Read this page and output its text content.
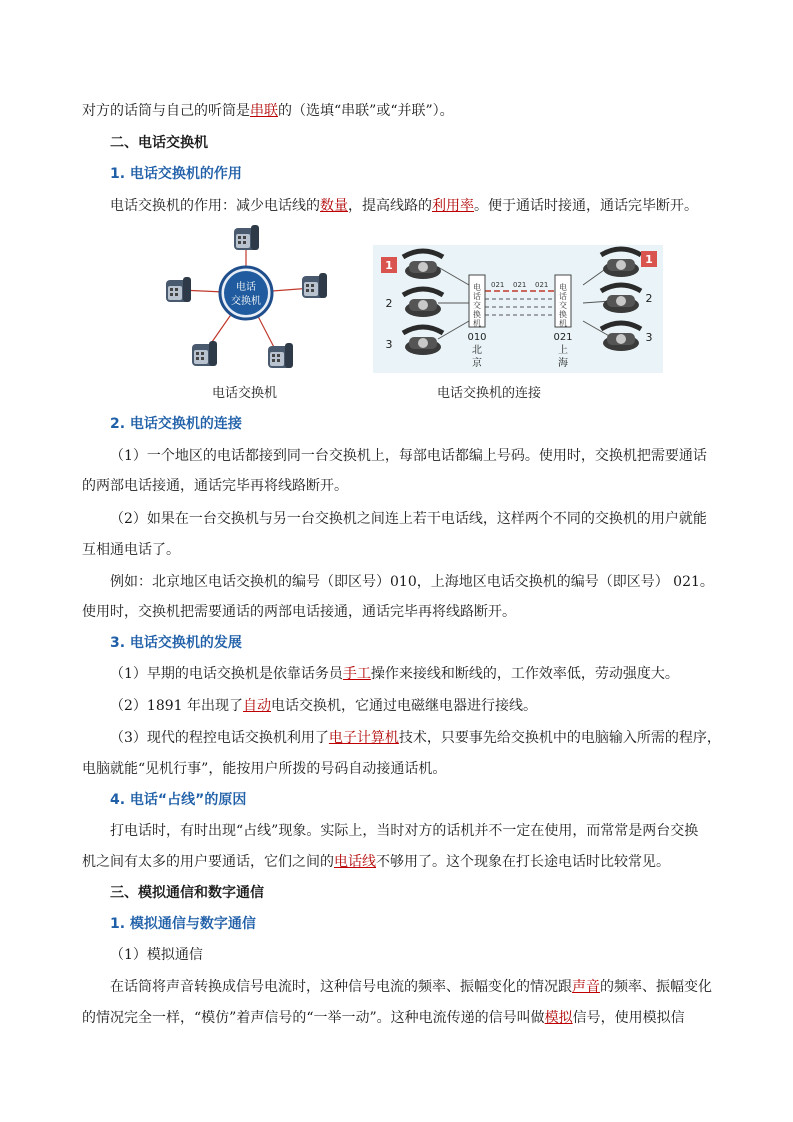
对方的话筒与自己的听筒是串联的（选填“串联”或“并联”）。
二、电话交换机
1. 电话交换机的作用
电话交换机的作用：减少电话线的数量，提高线路的利用率。便于通话时接通，通话完毕断开。
电话
交换机
电话交换机
021 021 021
电话交换机
电话交换机
010	021
北
京
上
海
1
2
3
1
2
3
电话交换机的连接
2. 电话交换机的连接
（1）一个地区的电话都接到同一台交换机上，每部电话都编上号码。使用时，交换机把需要通话
的两部电话接通，通话完毕再将线路断开。
（2）如果在一台交换机与另一台交换机之间连上若干电话线，这样两个不同的交换机的用户就能
互相通电话了。
例如：北京地区电话交换机的编号（即区号）010，上海地区电话交换机的编号（即区号） 021。
使用时，交换机把需要通话的两部电话接通，通话完毕再将线路断开。
3. 电话交换机的发展
（1）早期的电话交换机是依靠话务员手工操作来接线和断线的，工作效率低，劳动强度大。
（2）1891 年出现了自动电话交换机，它通过电磁继电器进行接线。
（3）现代的程控电话交换机利用了电子计算机技术，只要事先给交换机中的电脑输入所需的程序，
电脑就能“见机行事”，能按用户所拨的号码自动接通话机。
4. 电话“占线”的原因
打电话时，有时出现“占线”现象。实际上，当时对方的话机并不一定在使用，而常常是两台交换
机之间有太多的用户要通话，它们之间的电话线不够用了。这个现象在打长途电话时比较常见。
三、模拟通信和数字通信
1. 模拟通信与数字通信
（1）模拟通信
在话筒将声音转换成信号电流时，这种信号电流的频率、振幅变化的情况跟声音的频率、振幅变化
的情况完全一样，“模仿”着声信号的“一举一动”。这种电流传递的信号叫做模拟信号，使用模拟信
